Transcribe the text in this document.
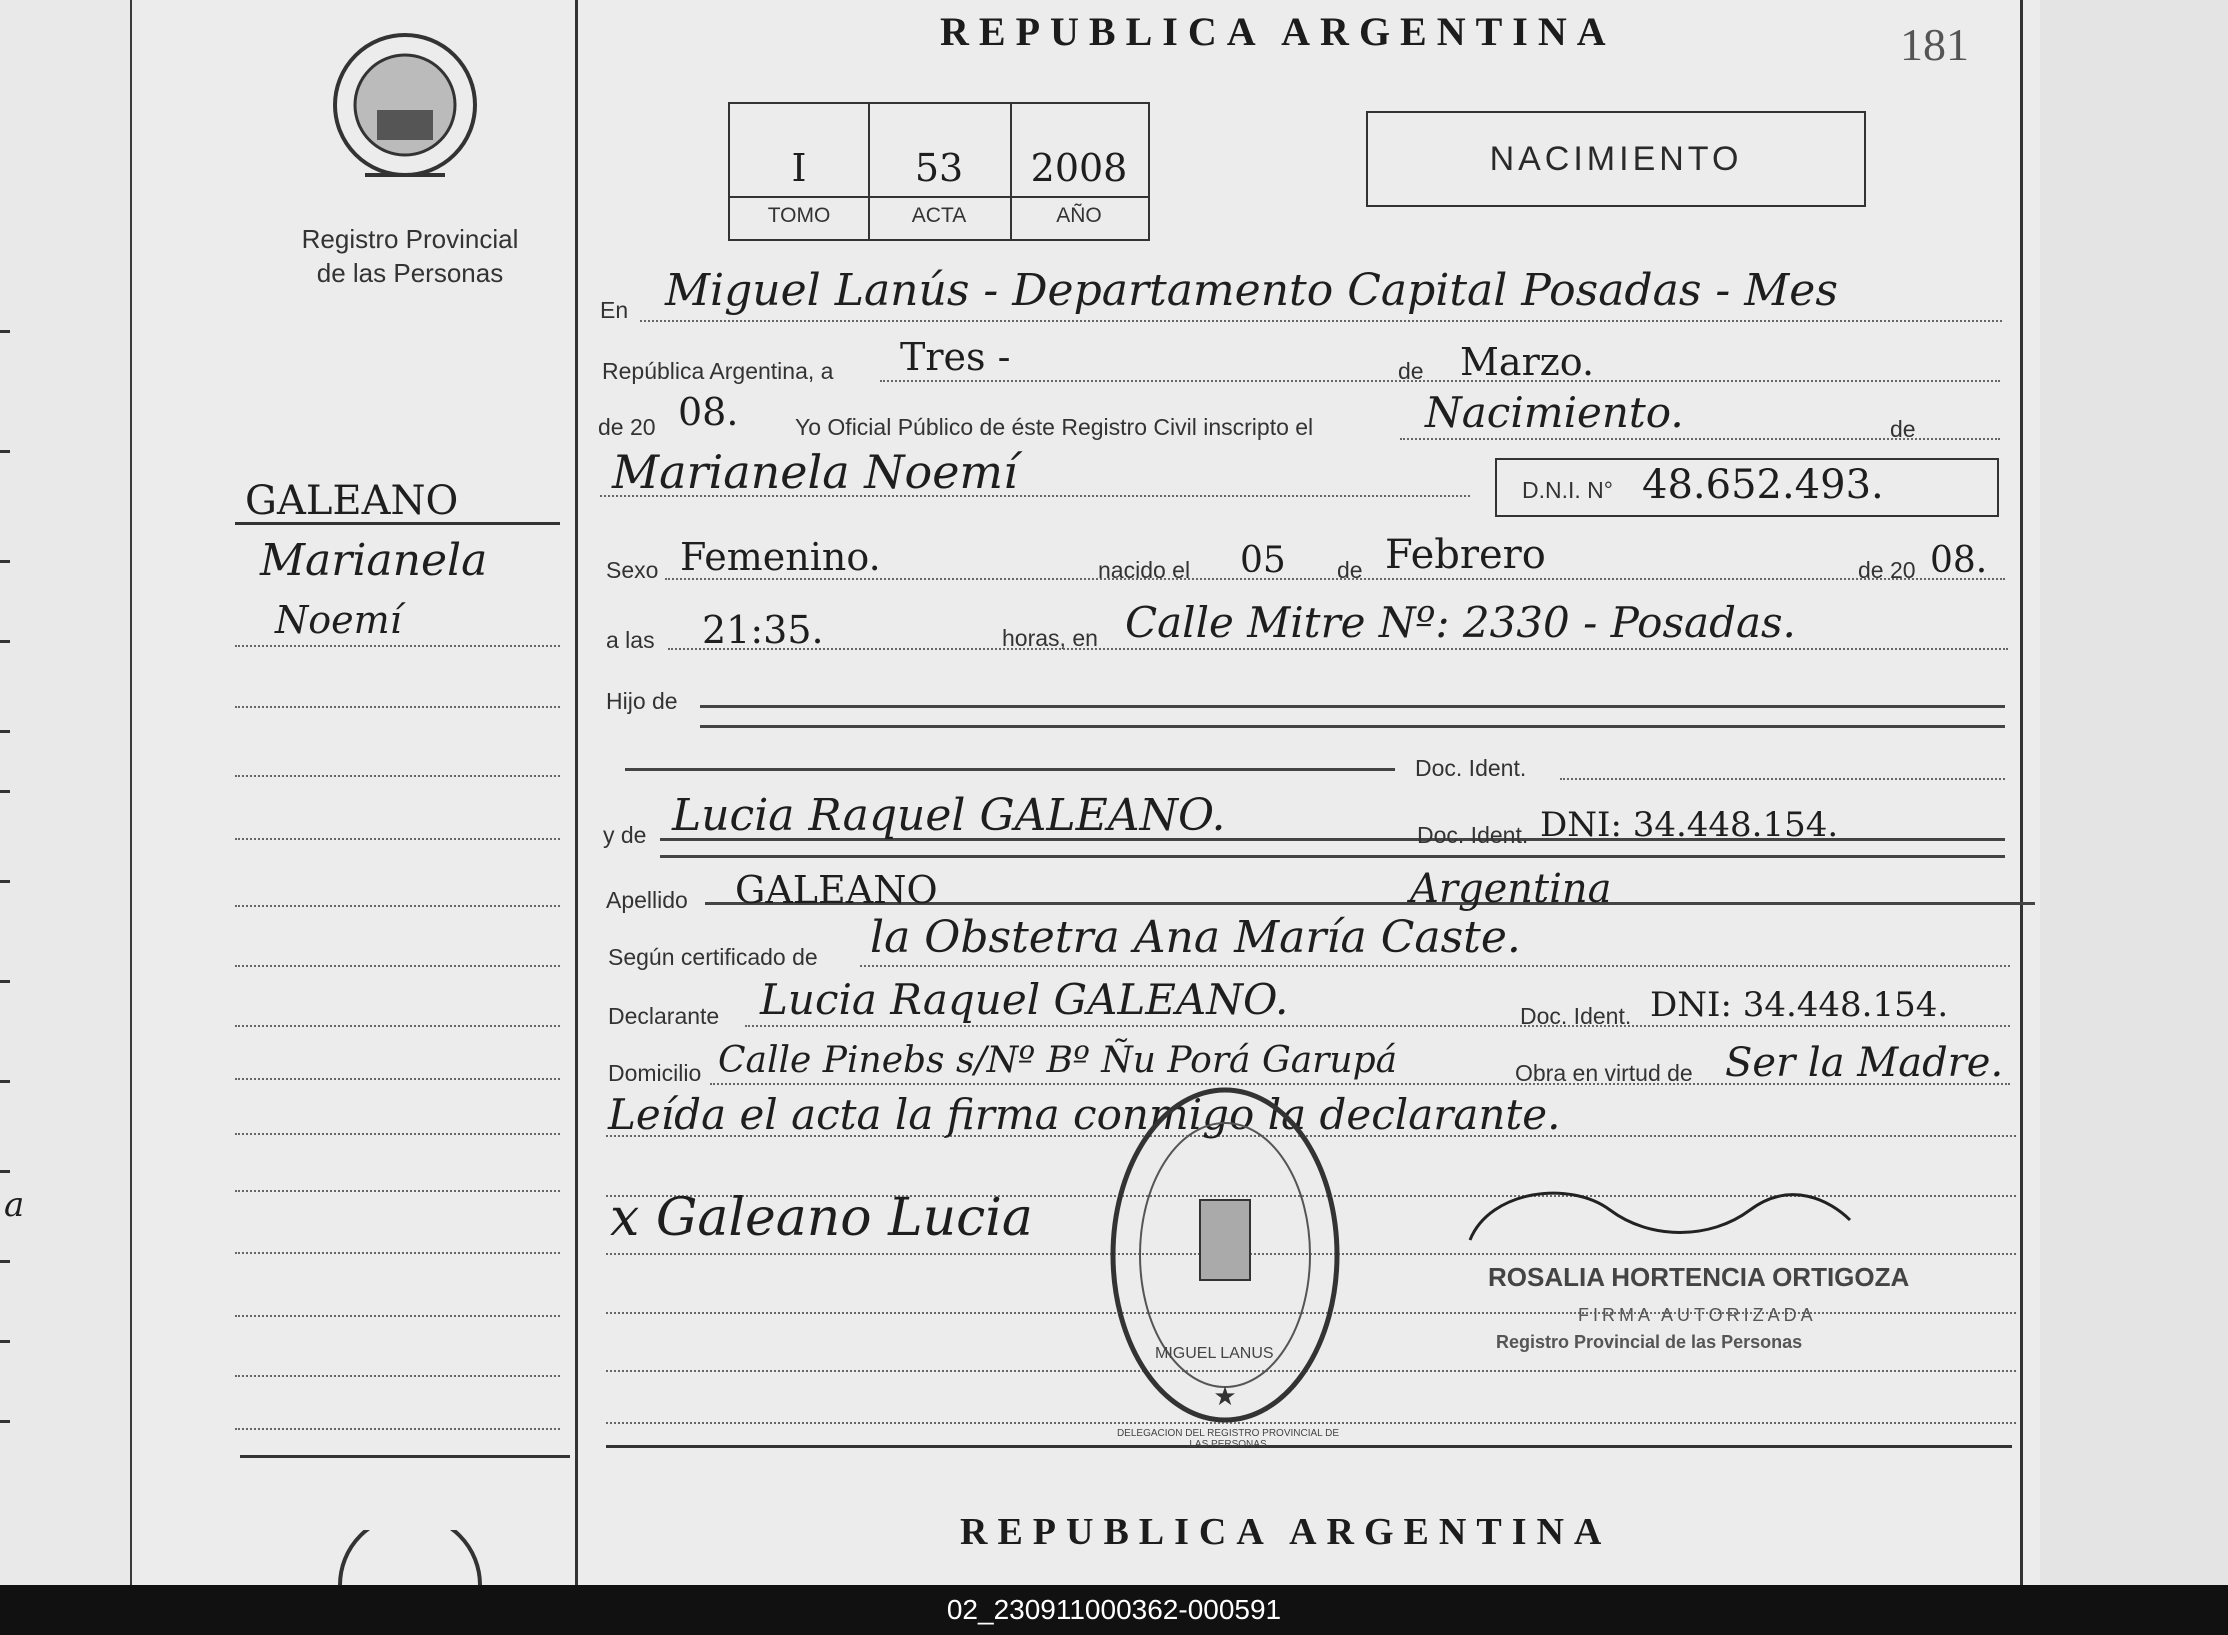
a
Registro Provincial
de las Personas
GALEANO
Marianela
Noemí
REPUBLICA ARGENTINA	181
I	53	2008
TOMO	ACTA	AÑO
NACIMIENTO
En Miguel Lanús - Departamento Capital Posadas - Mes
República Argentina, a Tres -	de Marzo.
de 20 08. Yo Oficial Público de éste Registro Civil inscripto el	Nacimiento.	de
Marianela Noemí	D.N.I. N° 48.652.493.
Sexo Femenino.	nacido el 05 de Febrero	de 20 08.
a las 21:35.	horas, en Calle Mitre Nº: 2330 - Posadas.
Hijo de
Doc. Ident.
y de Lucia Raquel GALEANO.	Doc. Ident. DNI: 34.448.154.
Apellido GALEANO	Argentina
Según certificado de la Obstetra Ana María Caste.
Declarante Lucia Raquel GALEANO.	Doc. Ident. DNI: 34.448.154.
Domicilio Calle Pinebs s/Nº Bº Ñu Porá Garupá	Obra en virtud de Ser la Madre.
Leída el acta la firma conmigo la declarante.
x Galeano Lucia
★
MIGUEL LANUS
DELEGACION DEL REGISTRO PROVINCIAL DE LAS PERSONAS
ROSALIA HORTENCIA ORTIGOZA
FIRMA AUTORIZADA
Registro Provincial de las Personas
REPUBLICA ARGENTINA
02_230911000362-000591
